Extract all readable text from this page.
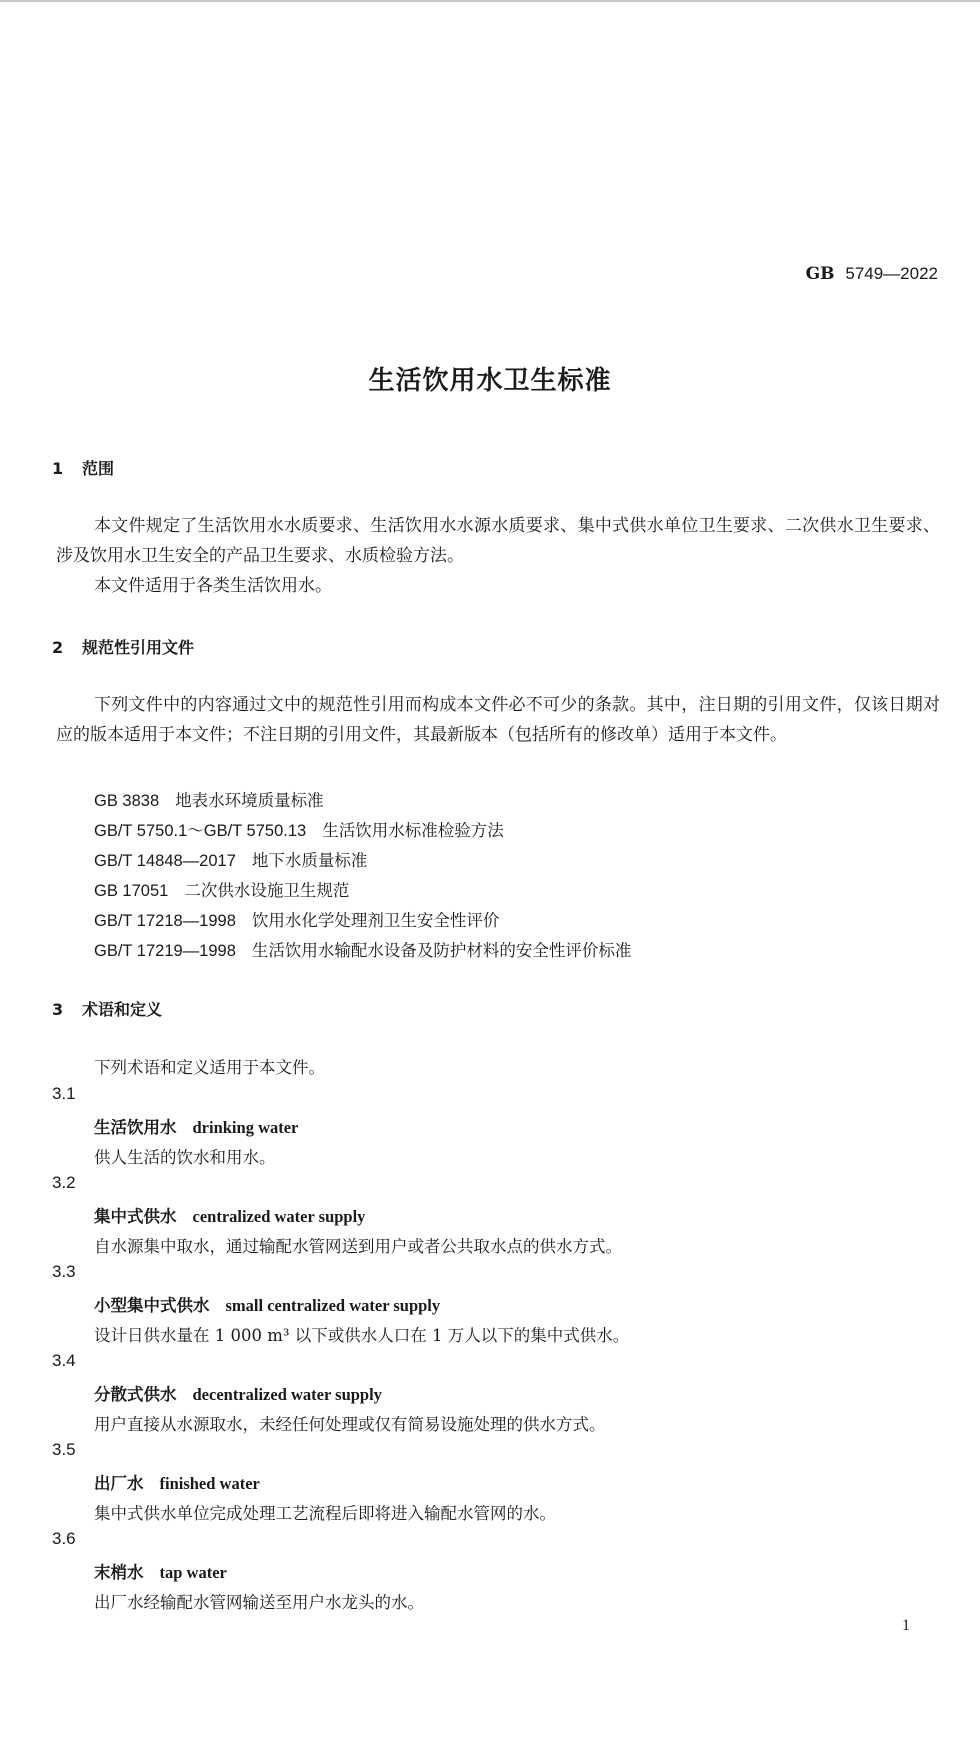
GB 5749—2022
生活饮用水卫生标准
1 范围
本文件规定了生活饮用水水质要求、生活饮用水水源水质要求、集中式供水单位卫生要求、二次供水卫生要求、涉及饮用水卫生安全的产品卫生要求、水质检验方法。
本文件适用于各类生活饮用水。
2 规范性引用文件
下列文件中的内容通过文中的规范性引用而构成本文件必不可少的条款。其中，注日期的引用文件，仅该日期对应的版本适用于本文件；不注日期的引用文件，其最新版本（包括所有的修改单）适用于本文件。
GB 3838 地表水环境质量标准
GB/T 5750.1～GB/T 5750.13 生活饮用水标准检验方法
GB/T 14848—2017 地下水质量标准
GB 17051 二次供水设施卫生规范
GB/T 17218—1998 饮用水化学处理剂卫生安全性评价
GB/T 17219—1998 生活饮用水输配水设备及防护材料的安全性评价标准
3 术语和定义
下列术语和定义适用于本文件。
3.1
生活饮用水 drinking water
供人生活的饮水和用水。
3.2
集中式供水 centralized water supply
自水源集中取水，通过输配水管网送到用户或者公共取水点的供水方式。
3.3
小型集中式供水 small centralized water supply
设计日供水量在 1 000 m³ 以下或供水人口在 1 万人以下的集中式供水。
3.4
分散式供水 decentralized water supply
用户直接从水源取水，未经任何处理或仅有简易设施处理的供水方式。
3.5
出厂水 finished water
集中式供水单位完成处理工艺流程后即将进入输配水管网的水。
3.6
末梢水 tap water
出厂水经输配水管网输送至用户水龙头的水。
1
